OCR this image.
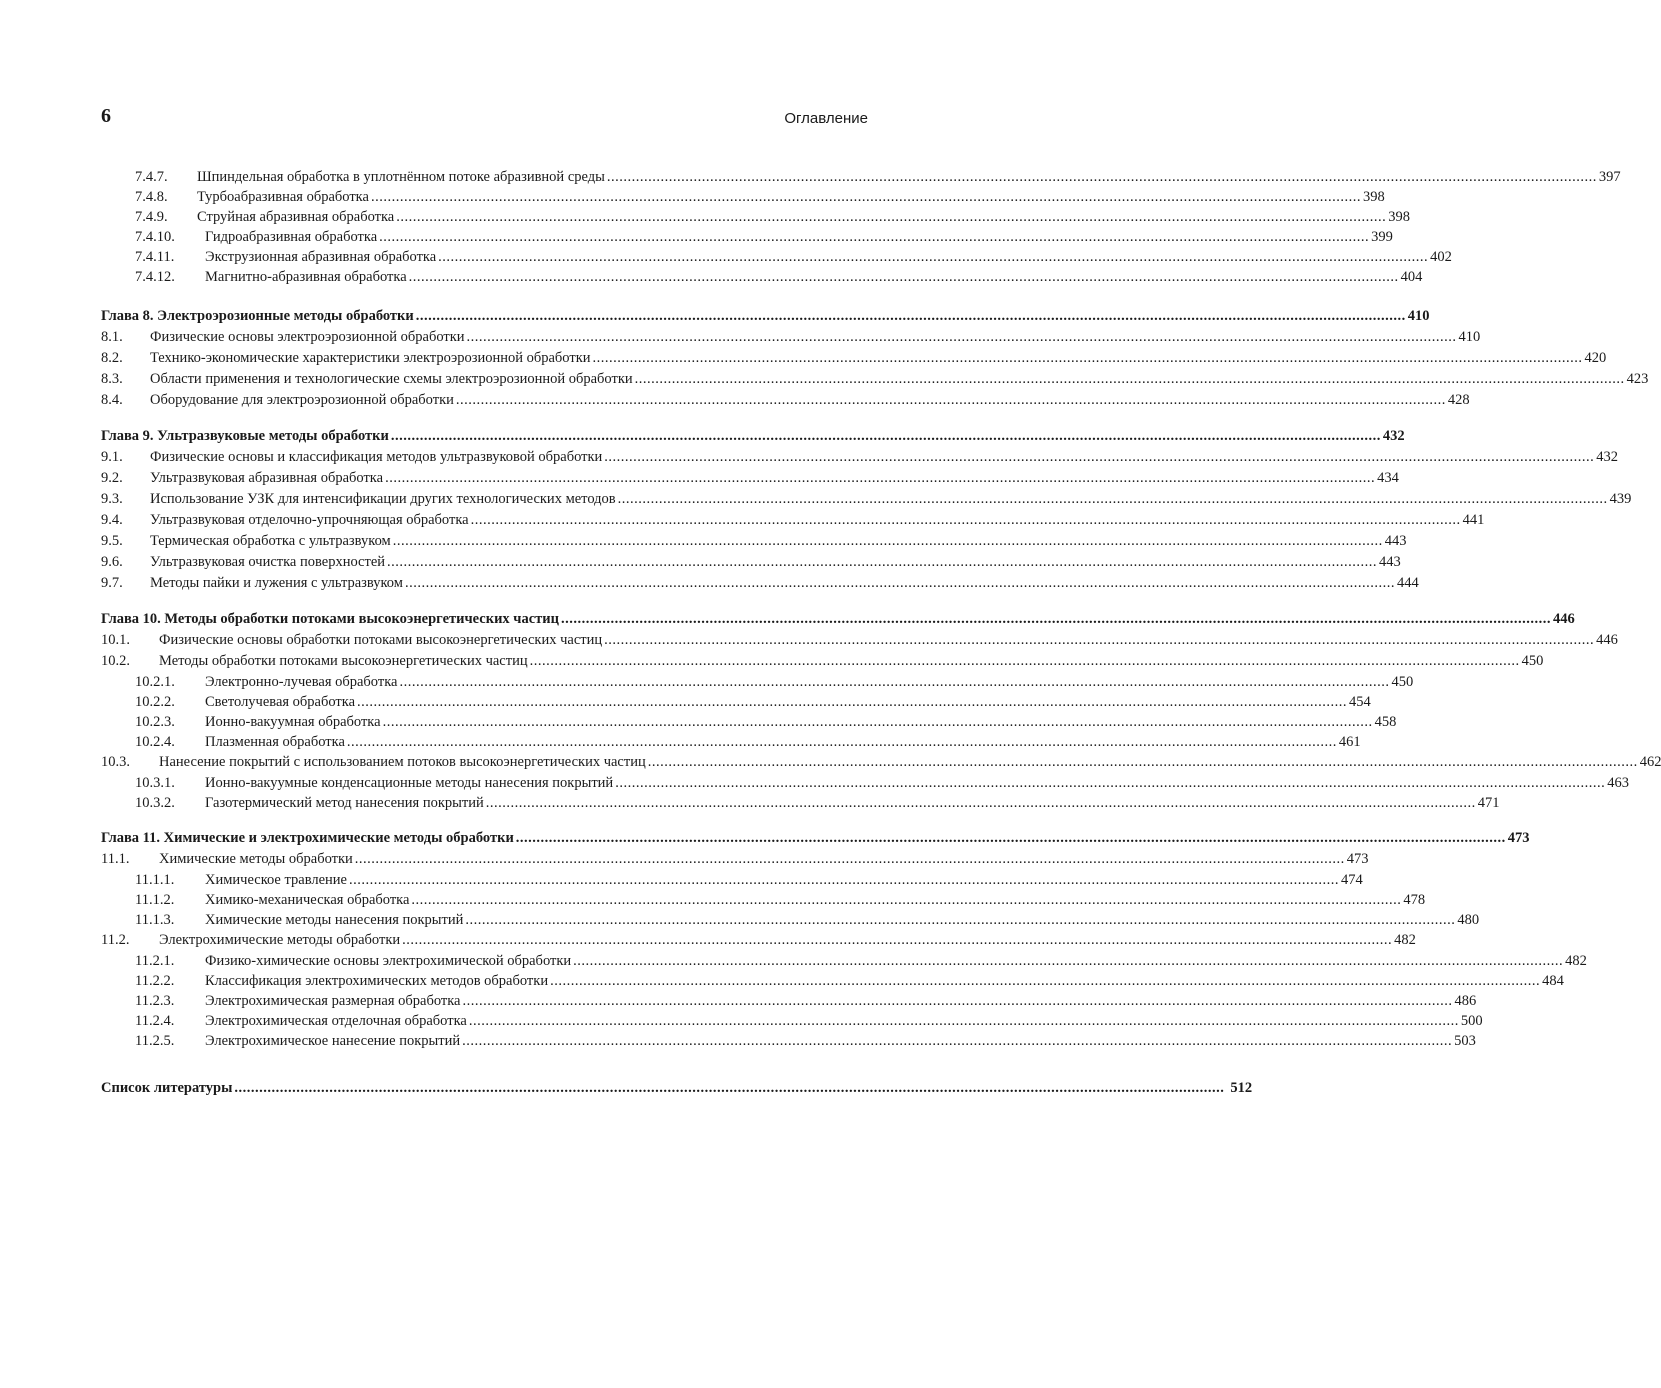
6	Оглавление
7.4.7.	Шпиндельная обработка в уплотнённом потоке абразивной среды .....	397
7.4.8.	Турбоабразивная обработка .....	398
7.4.9.	Струйная абразивная обработка .....	398
7.4.10.	Гидроабразивная обработка .....	399
7.4.11.	Экструзионная абразивная обработка .....	402
7.4.12.	Магнитно-абразивная обработка .....	404
Глава 8. Электроэрозионные методы обработки .....	410
8.1.	Физические основы электроэрозионной обработки .....	410
8.2.	Технико-экономические характеристики электроэрозионной обработки .....	420
8.3.	Области применения и технологические схемы электроэрозионной обработки .....	423
8.4.	Оборудование для электроэрозионной обработки .....	428
Глава 9. Ультразвуковые методы обработки .....	432
9.1.	Физические основы и классификация методов ультразвуковой обработки .....	432
9.2.	Ультразвуковая абразивная обработка .....	434
9.3.	Использование УЗК для интенсификации других технологических методов .....	439
9.4.	Ультразвуковая отделочно-упрочняющая обработка .....	441
9.5.	Термическая обработка с ультразвуком .....	443
9.6.	Ультразвуковая очистка поверхностей .....	443
9.7.	Методы пайки и лужения с ультразвуком .....	444
Глава 10. Методы обработки потоками высокоэнергетических частиц .....	446
10.1.	Физические основы обработки потоками высокоэнергетических частиц .....	446
10.2.	Методы обработки потоками высокоэнергетических частиц .....	450
10.2.1.	Электронно-лучевая обработка .....	450
10.2.2.	Светолучевая обработка .....	454
10.2.3.	Ионно-вакуумная обработка .....	458
10.2.4.	Плазменная обработка .....	461
10.3.	Нанесение покрытий с использованием потоков высокоэнергетических частиц .....	462
10.3.1.	Ионно-вакуумные конденсационные методы нанесения покрытий .....	463
10.3.2.	Газотермический метод нанесения покрытий .....	471
Глава 11. Химические и электрохимические методы обработки .....	473
11.1.	Химические методы обработки .....	473
11.1.1.	Химическое травление .....	474
11.1.2.	Химико-механическая обработка .....	478
11.1.3.	Химические методы нанесения покрытий .....	480
11.2.	Электрохимические методы обработки .....	482
11.2.1.	Физико-химические основы электрохимической обработки .....	482
11.2.2.	Классификация электрохимических методов обработки .....	484
11.2.3.	Электрохимическая размерная обработка .....	486
11.2.4.	Электрохимическая отделочная обработка .....	500
11.2.5.	Электрохимическое нанесение покрытий .....	503
Список литературы .....	512
